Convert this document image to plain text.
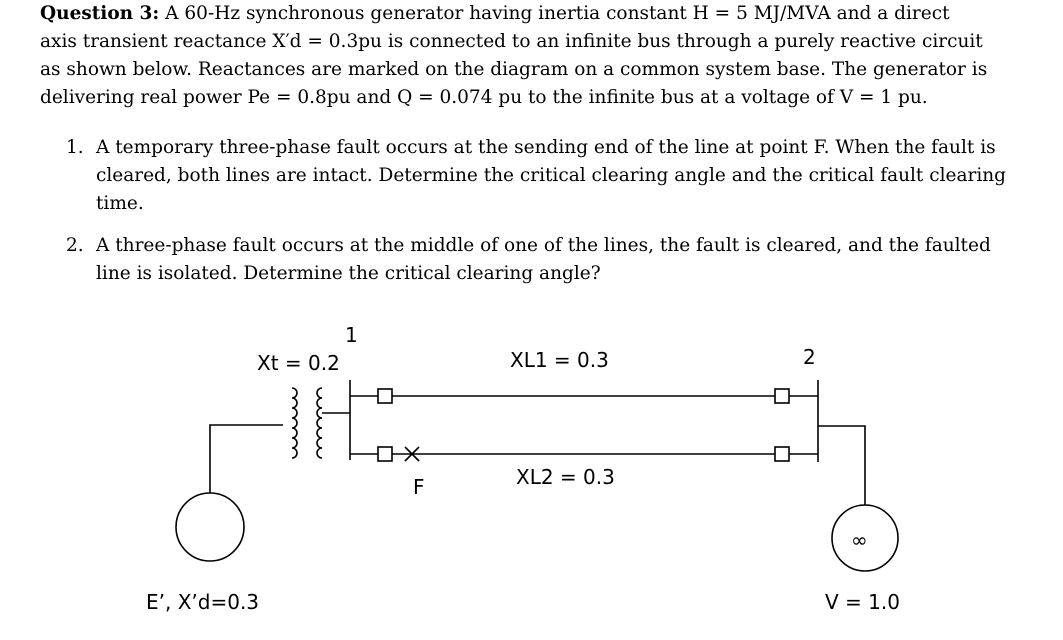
Question 3: A 60-Hz synchronous generator having inertia constant H = 5 MJ/MVA and a direct
axis transient reactance X′d = 0.3pu is connected to an infinite bus through a purely reactive circuit
as shown below. Reactances are marked on the diagram on a common system base. The generator is
delivering real power Pe = 0.8pu and Q = 0.074 pu to the infinite bus at a voltage of V = 1 pu.
1. A temporary three-phase fault occurs at the sending end of the line at point F. When the fault is
cleared, both lines are intact. Determine the critical clearing angle and the critical fault clearing
time.
2. A three-phase fault occurs at the middle of one of the lines, the fault is cleared, and the faulted
line is isolated. Determine the critical clearing angle?
1
2
Xt = 0.2	XL1 = 0.3
XL2 = 0.3
F
E’, X’d=0.3
∞
V = 1.0
